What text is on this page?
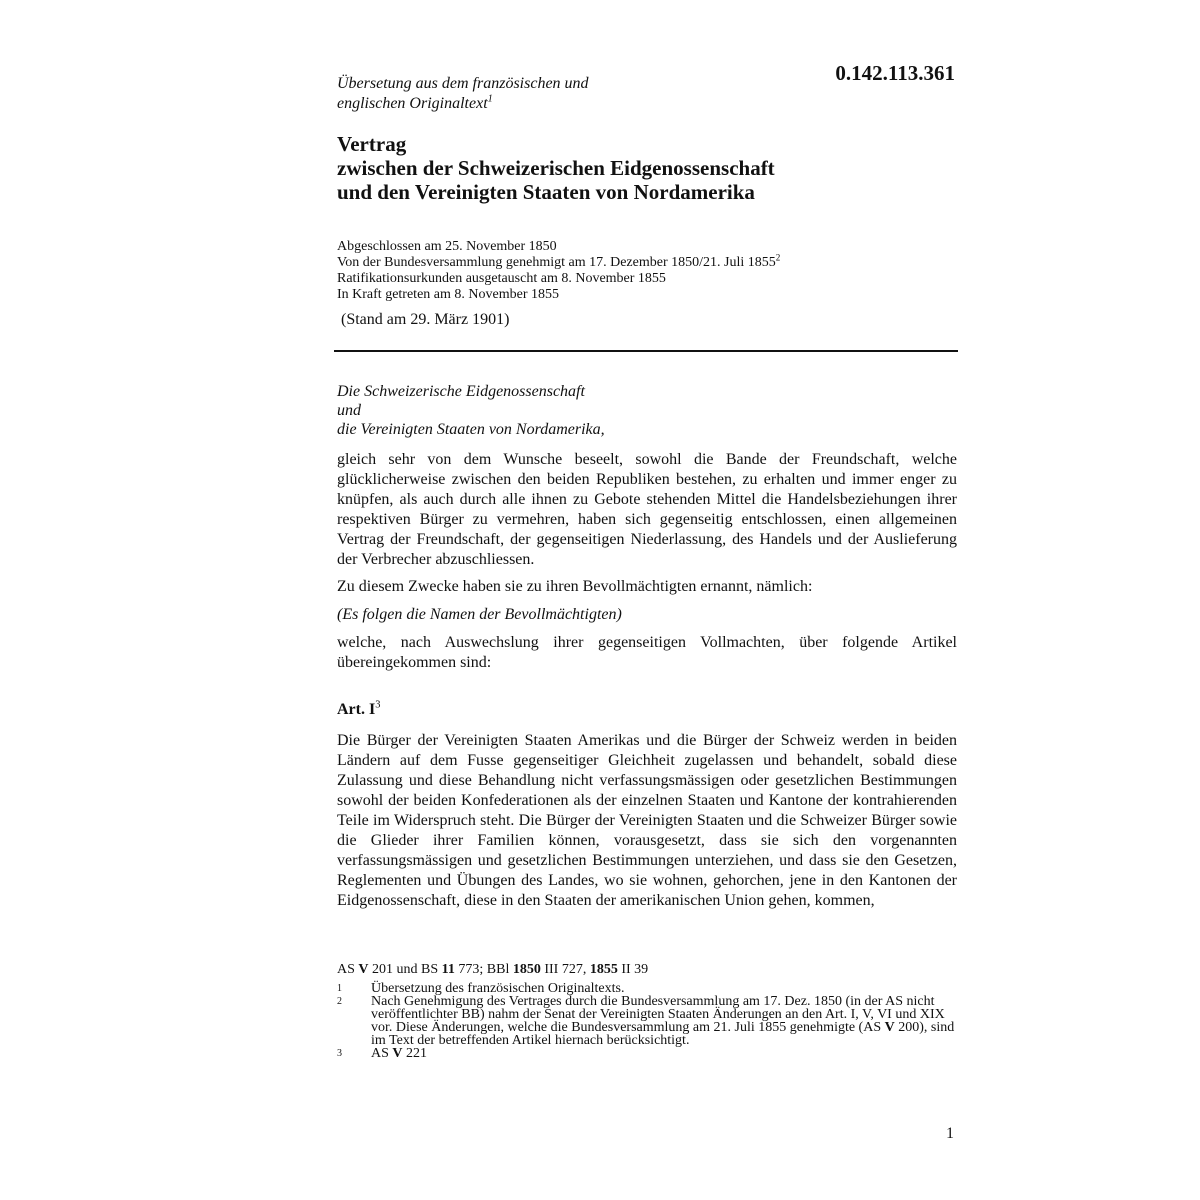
Übersetung aus dem französischen und
englischen Originaltext$^1$
0.142.113.361
Vertrag
zwischen der Schweizerischen Eidgenossenschaft
und den Vereinigten Staaten von Nordamerika
Abgeschlossen am 25. November 1850
Von der Bundesversammlung genehmigt am 17. Dezember 1850/21. Juli 1855$^2$
Ratifikationsurkunden ausgetauscht am 8. November 1855
In Kraft getreten am 8. November 1855
(Stand am 29. März 1901)
Die Schweizerische Eidgenossenschaft
und
die Vereinigten Staaten von Nordamerika,
gleich sehr von dem Wunsche beseelt, sowohl die Bande der Freundschaft, welche glücklicherweise zwischen den beiden Republiken bestehen, zu erhalten und immer enger zu knüpfen, als auch durch alle ihnen zu Gebote stehenden Mittel die Handelsbeziehungen ihrer respektiven Bürger zu vermehren, haben sich gegenseitig entschlossen, einen allgemeinen Vertrag der Freundschaft, der gegenseitigen Niederlassung, des Handels und der Auslieferung der Verbrecher abzuschliessen.
Zu diesem Zwecke haben sie zu ihren Bevollmächtigten ernannt, nämlich:
(Es folgen die Namen der Bevollmächtigten)
welche, nach Auswechslung ihrer gegenseitigen Vollmachten, über folgende Artikel übereingekommen sind:
Art. $I^3$
Die Bürger der Vereinigten Staaten Amerikas und die Bürger der Schweiz werden in beiden Ländern auf dem Fusse gegenseitiger Gleichheit zugelassen und behandelt, sobald diese Zulassung und diese Behandlung nicht verfassungsmässigen oder gesetzlichen Bestimmungen sowohl der beiden Konfederationen als der einzelnen Staaten und Kantone der kontrahierenden Teile im Widerspruch steht. Die Bürger der Vereinigten Staaten und die Schweizer Bürger sowie die Glieder ihrer Familien können, vorausgesetzt, dass sie sich den vorgenannten verfassungsmässigen und gesetzlichen Bestimmungen unterziehen, und dass sie den Gesetzen, Reglementen und Übungen des Landes, wo sie wohnen, gehorchen, jene in den Kantonen der Eidgenossenschaft, diese in den Staaten der amerikanischen Union gehen, kommen,
AS V 201 und BS 11 773; BBl 1850 III 727, 1855 II 39
1	Übersetzung des französischen Originaltexts.
2	Nach Genehmigung des Vertrages durch die Bundesversammlung am 17. Dez. 1850 (in der AS nicht veröffentlichter BB) nahm der Senat der Vereinigten Staaten Änderungen an den Art. I, V, VI und XIX vor. Diese Änderungen, welche die Bundesversammlung am 21. Juli 1855 genehmigte (AS V 200), sind im Text der betreffenden Artikel hiernach berücksichtigt.
3	AS V 221
1
